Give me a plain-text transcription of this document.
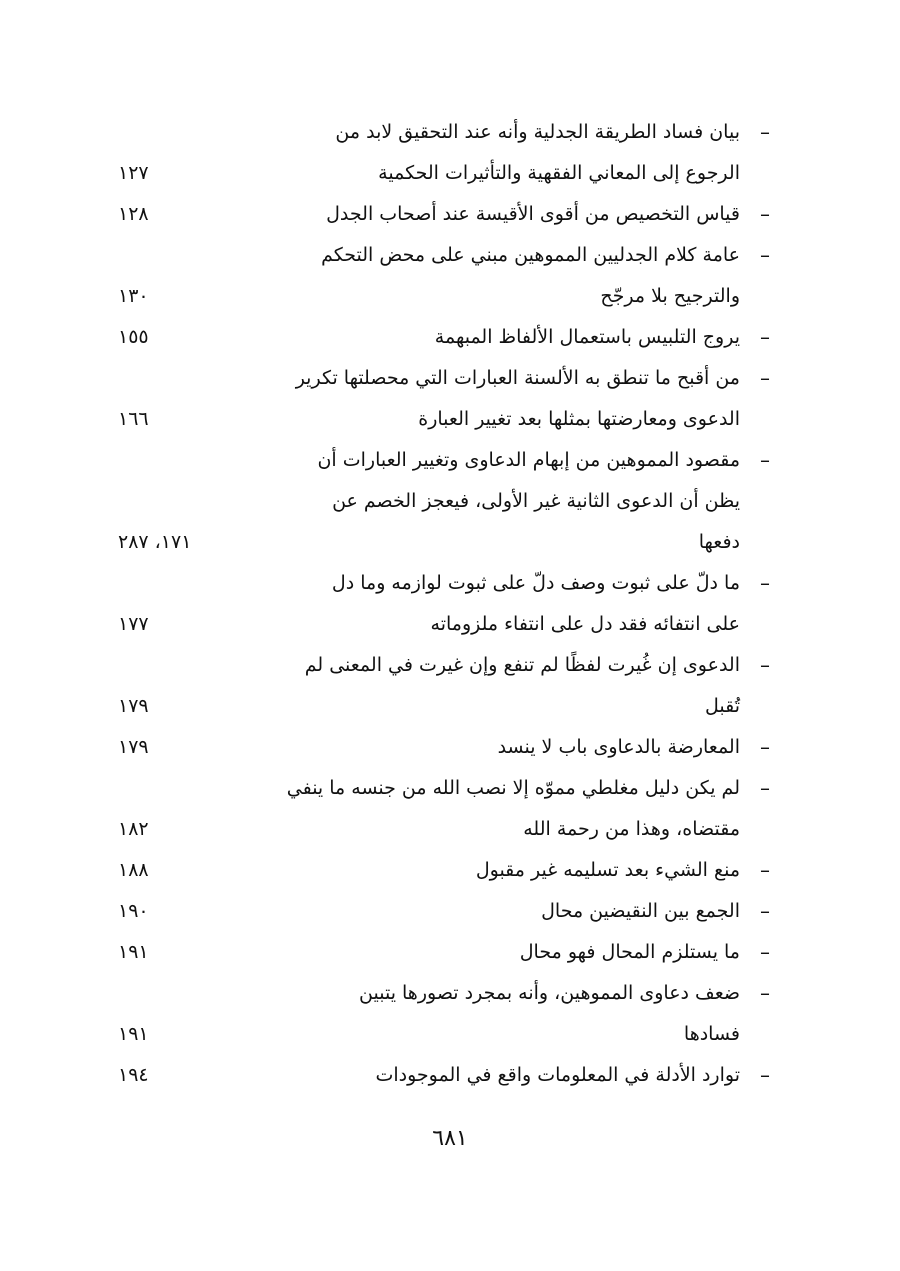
–
بيان فساد الطريقة الجدلية وأنه عند التحقيق لابد من
الرجوع إلى المعاني الفقهية والتأثيرات الحكمية
١٢٧
–
قياس التخصيص من أقوى الأقيسة عند أصحاب الجدل
١٢٨
–
عامة كلام الجدليين المموهين مبني على محض التحكم
والترجيح بلا مرجّح
١٣٠
–
يروج التلبيس باستعمال الألفاظ المبهمة
١٥٥
–
من أقبح ما تنطق به الألسنة العبارات التي محصلتها تكرير
الدعوى ومعارضتها بمثلها بعد تغيير العبارة
١٦٦
–
مقصود المموهين من إبهام الدعاوى وتغيير العبارات أن
يظن أن الدعوى الثانية غير الأولى، فيعجز الخصم عن
دفعها
١٧١، ٢٨٧
–
ما دلّ على ثبوت وصف دلّ على ثبوت لوازمه وما دل
على انتفائه فقد دل على انتفاء ملزوماته
١٧٧
–
الدعوى إن غُيرت لفظًا لم تنفع وإن غيرت في المعنى لم
تُقبل
١٧٩
–
المعارضة بالدعاوى باب لا ينسد
١٧٩
–
لم يكن دليل مغلطي مموّه إلا نصب الله من جنسه ما ينفي
مقتضاه، وهذا من رحمة الله
١٨٢
–
منع الشيء بعد تسليمه غير مقبول
١٨٨
–
الجمع بين النقيضين محال
١٩٠
–
ما يستلزم المحال فهو محال
١٩١
–
ضعف دعاوى المموهين، وأنه بمجرد تصورها يتبين
فسادها
١٩١
–
توارد الأدلة في المعلومات واقع في الموجودات
١٩٤
٦٨١
